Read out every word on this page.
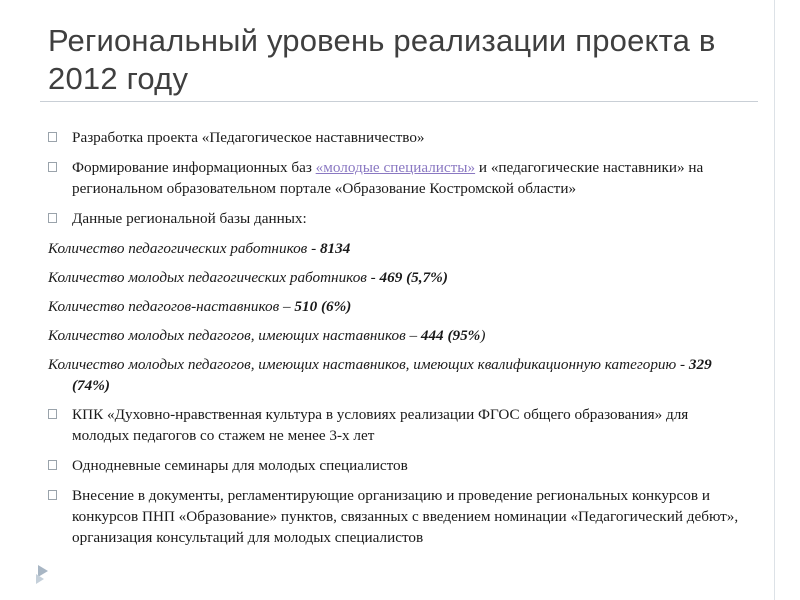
Региональный уровень реализации проекта в 2012 году
Разработка проекта «Педагогическое наставничество»
Формирование информационных баз «молодые специалисты» и «педагогические наставники» на региональном образовательном портале «Образование Костромской области»
Данные региональной базы данных:
Количество педагогических работников - 8134
Количество молодых педагогических работников - 469 (5,7%)
Количество педагогов-наставников – 510 (6%)
Количество молодых педагогов, имеющих наставников – 444 (95%)
Количество молодых педагогов, имеющих наставников, имеющих квалификационную категорию - 329 (74%)
КПК «Духовно-нравственная культура в условиях реализации ФГОС общего образования» для молодых педагогов со стажем не менее 3-х лет
Однодневные семинары для молодых специалистов
Внесение в документы, регламентирующие организацию и проведение региональных конкурсов и конкурсов ПНП «Образование» пунктов, связанных с введением номинации «Педагогический дебют», организация консультаций для молодых специалистов
